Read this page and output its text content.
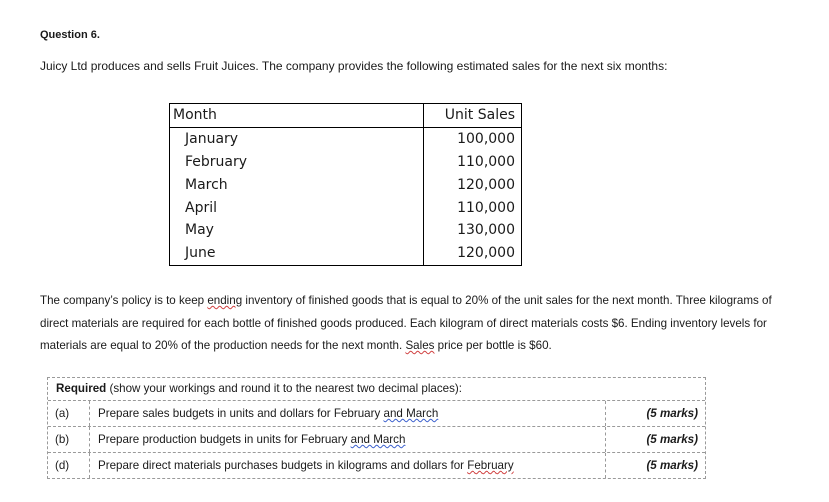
Question 6.
Juicy Ltd produces and sells Fruit Juices. The company provides the following estimated sales for the next six months:
Month	Unit Sales
January	100,000
February	110,000
March	120,000
April	110,000
May	130,000
June	120,000
The company’s policy is to keep ending inventory of finished goods that is equal to 20% of the unit sales for the next month. Three kilograms of direct materials are required for each bottle of finished goods produced. Each kilogram of direct materials costs $6. Ending inventory levels for materials are equal to 20% of the production needs for the next month. Sales price per bottle is $60.
Required (show your workings and round it to the nearest two decimal places):
(a)	Prepare sales budgets in units and dollars for February and March	(5 marks)
(b)	Prepare production budgets in units for February and March	(5 marks)
(d)	Prepare direct materials purchases budgets in kilograms and dollars for February	(5 marks)
